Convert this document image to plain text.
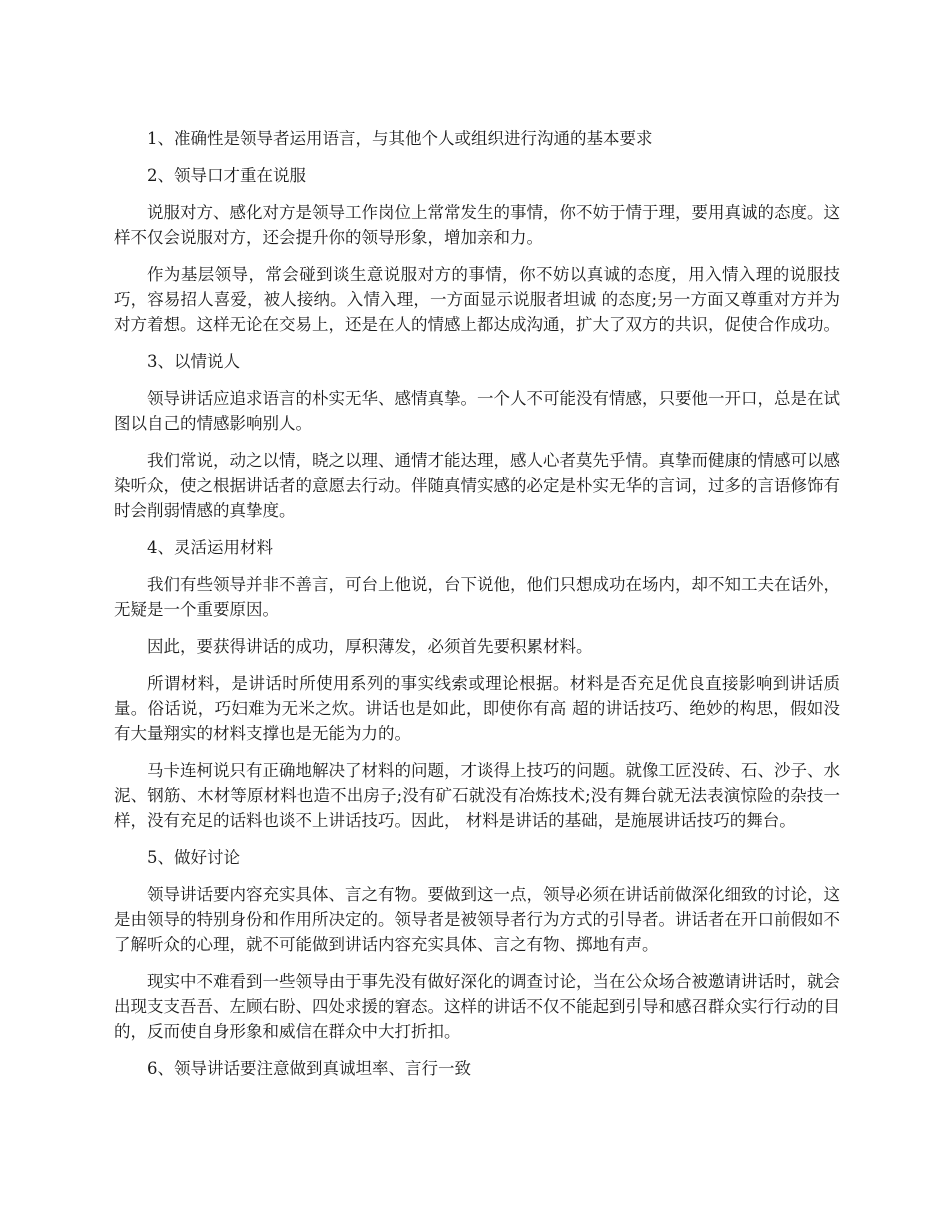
1、准确性是领导者运用语言，与其他个人或组织进行沟通的基本要求

2、领导口才重在说服

说服对方、感化对方是领导工作岗位上常常发生的事情，你不妨于情于理，要用真诚的态度。这样不仅会说服对方，还会提升你的领导形象，增加亲和力。

作为基层领导，常会碰到谈生意说服对方的事情，你不妨以真诚的态度，用入情入理的说服技巧，容易招人喜爱，被人接纳。入情入理，一方面显示说服者坦诚 的态度;另一方面又尊重对方并为对方着想。这样无论在交易上，还是在人的情感上都达成沟通，扩大了双方的共识，促使合作成功。

3、以情说人

领导讲话应追求语言的朴实无华、感情真挚。一个人不可能没有情感，只要他一开口，总是在试图以自己的情感影响别人。

我们常说，动之以情，晓之以理、通情才能达理，感人心者莫先乎情。真挚而健康的情感可以感染听众，使之根据讲话者的意愿去行动。伴随真情实感的必定是朴实无华的言词，过多的言语修饰有时会削弱情感的真挚度。

4、灵活运用材料

我们有些领导并非不善言，可台上他说，台下说他，他们只想成功在场内，却不知工夫在话外，无疑是一个重要原因。

因此，要获得讲话的成功，厚积薄发，必须首先要积累材料。

所谓材料，是讲话时所使用系列的事实线索或理论根据。材料是否充足优良直接影响到讲话质量。俗话说，巧妇难为无米之炊。讲话也是如此，即使你有高 超的讲话技巧、绝妙的构思，假如没有大量翔实的材料支撑也是无能为力的。

马卡连柯说只有正确地解决了材料的问题，才谈得上技巧的问题。就像工匠没砖、石、沙子、水泥、钢筋、木材等原材料也造不出房子;没有矿石就没有冶炼技术;没有舞台就无法表演惊险的杂技一样，没有充足的话料也谈不上讲话技巧。因此， 材料是讲话的基础，是施展讲话技巧的舞台。

5、做好讨论

领导讲话要内容充实具体、言之有物。要做到这一点，领导必须在讲话前做深化细致的讨论，这是由领导的特别身份和作用所决定的。领导者是被领导者行为方式的引导者。讲话者在开口前假如不了解听众的心理，就不可能做到讲话内容充实具体、言之有物、掷地有声。

现实中不难看到一些领导由于事先没有做好深化的调查讨论，当在公众场合被邀请讲话时，就会出现支支吾吾、左顾右盼、四处求援的窘态。这样的讲话不仅不能起到引导和感召群众实行行动的目的，反而使自身形象和威信在群众中大打折扣。

6、领导讲话要注意做到真诚坦率、言行一致
